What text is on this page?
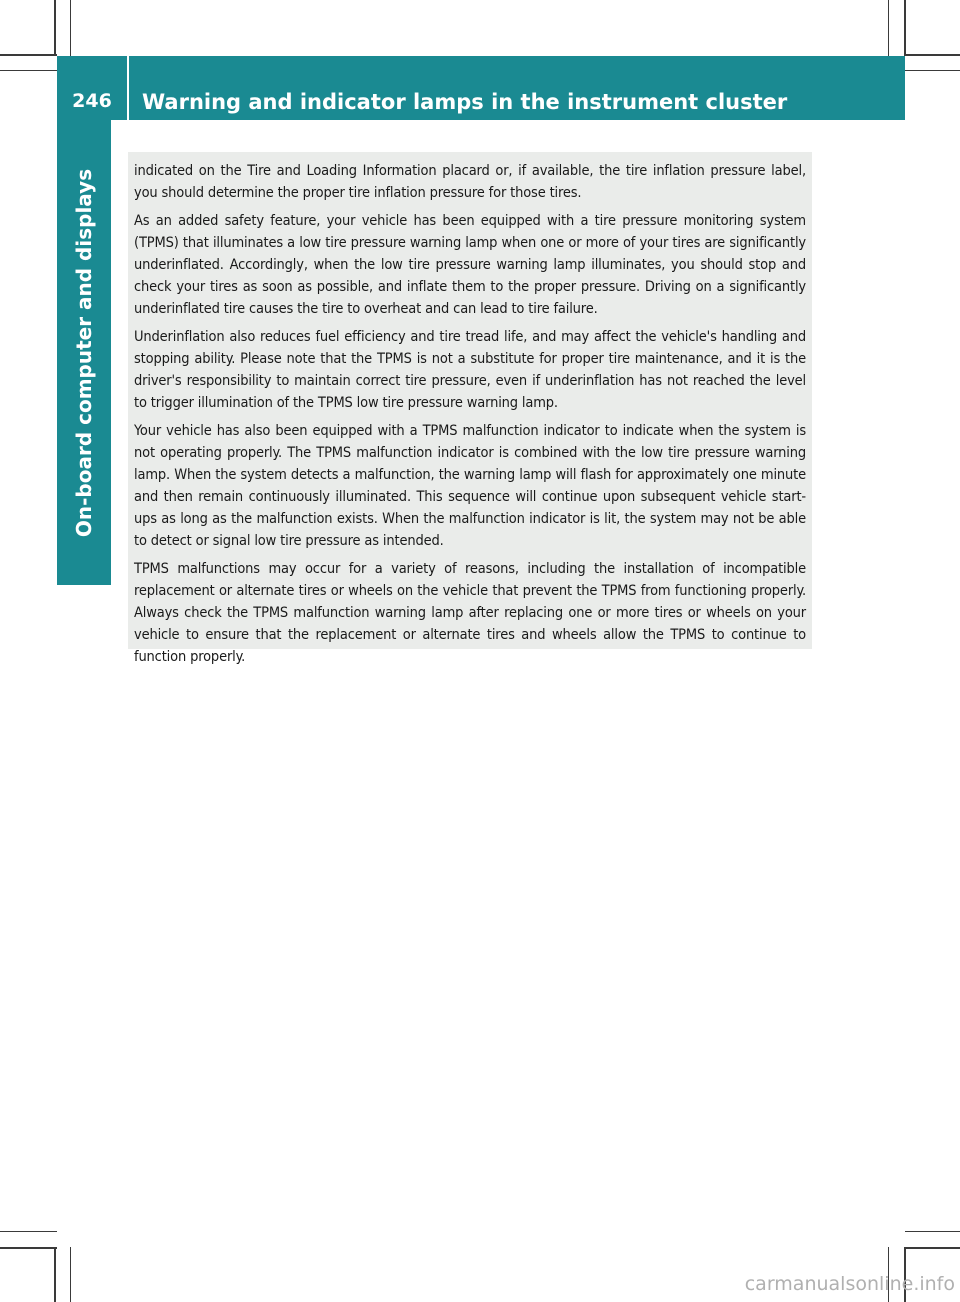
246	Warning and indicator lamps in the instrument cluster
On-board computer and displays	indicated on the Tire and Loading Information placard or, if available, the tire inflation pressure label, you should determine the proper tire inflation pressure for those tires.

As an added safety feature, your vehicle has been equipped with a tire pressure monitoring system (TPMS) that illuminates a low tire pressure warning lamp when one or more of your tires are significantly underinflated. Accordingly, when the low tire pressure warning lamp illuminates, you should stop and check your tires as soon as possible, and inflate them to the proper pressure. Driving on a significantly underinflated tire causes the tire to overheat and can lead to tire failure.

Underinflation also reduces fuel efficiency and tire tread life, and may affect the vehicle's handling and stopping ability. Please note that the TPMS is not a substitute for proper tire maintenance, and it is the driver's responsibility to maintain correct tire pressure, even if underinflation has not reached the level to trigger illumination of the TPMS low tire pressure warning lamp.

Your vehicle has also been equipped with a TPMS malfunction indicator to indicate when the system is not operating properly. The TPMS malfunction indicator is combined with the low tire pressure warning lamp. When the system detects a malfunction, the warning lamp will flash for approximately one minute and then remain continuously illuminated. This sequence will continue upon subsequent vehicle start-ups as long as the malfunction exists. When the malfunction indicator is lit, the system may not be able to detect or signal low tire pressure as intended.

TPMS malfunctions may occur for a variety of reasons, including the installation of incompatible replacement or alternate tires or wheels on the vehicle that prevent the TPMS from functioning properly. Always check the TPMS malfunction warning lamp after replacing one or more tires or wheels on your vehicle to ensure that the replacement or alternate tires and wheels allow the TPMS to continue to function properly.

carmanualsonline.info
